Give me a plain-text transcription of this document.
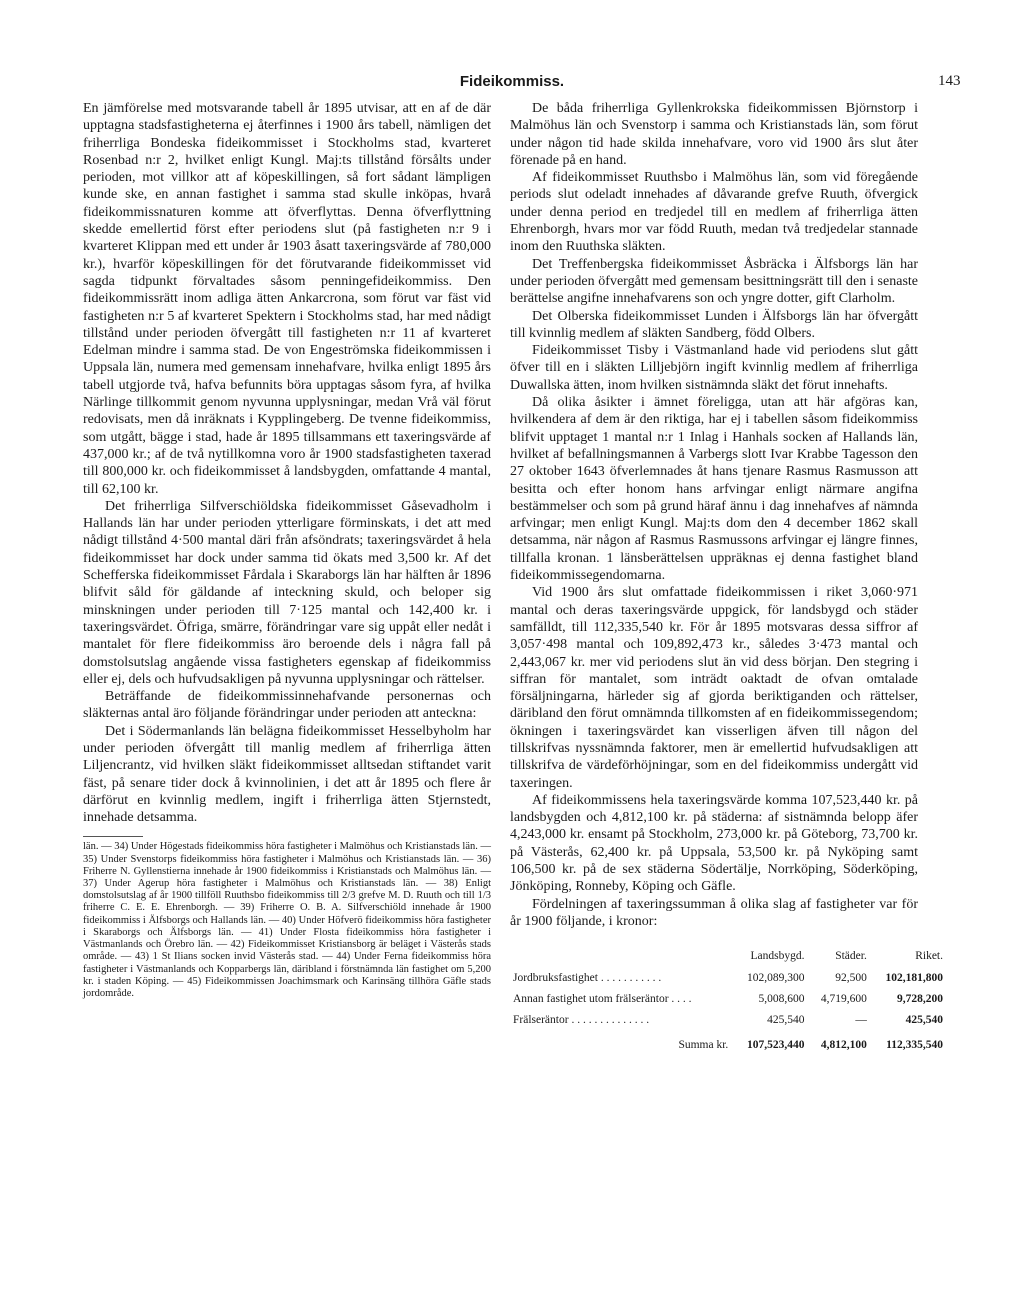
Fideikommiss.	143

En jämförelse med motsvarande tabell år 1895 utvisar, att en af de där upptagna stadsfastigheterna ej återfinnes i 1900 års tabell, nämligen det friherrliga Bondeska fideikommisset i Stockholms stad, kvarteret Rosenbad n:r 2, hvilket enligt Kungl. Maj:ts tillstånd försålts under perioden, mot villkor att af köpeskillingen, så fort sådant lämpligen kunde ske, en annan fastighet i samma stad skulle inköpas, hvarå fideikommissnaturen komme att öfverflyttas. Denna öfverflyttning skedde emellertid först efter periodens slut (på fastigheten n:r 9 i kvarteret Klippan med ett under år 1903 åsatt taxeringsvärde af 780,000 kr.), hvarför köpeskillingen för det förutvarande fideikommisset vid sagda tidpunkt förvaltades såsom penningefideikommiss. Den fideikommissrätt inom adliga ätten Ankarcrona, som förut var fäst vid fastigheten n:r 5 af kvarteret Spektern i Stockholms stad, har med nådigt tillstånd under perioden öfvergått till fastigheten n:r 11 af kvarteret Edelman mindre i samma stad. De von Engeströmska fideikommissen i Uppsala län, numera med gemensam innehafvare, hvilka enligt 1895 års tabell utgjorde två, hafva befunnits böra upptagas såsom fyra, af hvilka Närlinge tillkommit genom nyvunna upplysningar, medan Vrå väl förut redovisats, men då inräknats i Kypplingeberg. De tvenne fideikommiss, som utgått, bägge i stad, hade år 1895 tillsammans ett taxeringsvärde af 437,000 kr.; af de två nytillkomna voro år 1900 stadsfastigheten taxerad till 800,000 kr. och fideikommisset å landsbygden, omfattande 4 mantal, till 62,100 kr.

Det friherrliga Silfverschiöldska fideikommisset Gåsevadholm i Hallands län har under perioden ytterligare förminskats, i det att med nådigt tillstånd 4·500 mantal däri från afsöndrats; taxeringsvärdet å hela fideikommisset har dock under samma tid ökats med 3,500 kr. Af det Schefferska fideikommisset Fårdala i Skaraborgs län har hälften år 1896 blifvit såld för gäldande af inteckning skuld, och beloper sig minskningen under perioden till 7·125 mantal och 142,400 kr. i taxeringsvärdet. Öfriga, smärre, förändringar vare sig uppåt eller nedåt i mantalet för flere fideikommiss äro beroende dels i några fall på domstolsutslag angående vissa fastigheters egenskap af fideikommiss eller ej, dels och hufvudsakligen på nyvunna upplysningar och rättelser.

Beträffande de fideikommissinnehafvande personernas och släkternas antal äro följande förändringar under perioden att antecknа:

Det i Södermanlands län belägna fideikommisset Hesselbyholm har under perioden öfvergått till manlig medlem af friherrliga ätten Liljencrantz, vid hvilken släkt fideikommisset alltsedan stiftandet varit fäst, på senare tider dock å kvinnolinien, i det att år 1895 och flere år därförut en kvinnlig medlem, ingift i friherrliga ätten Stjernstedt, innehade detsamma.

län. — 34) Under Högestads fideikommiss höra fastigheter i Malmöhus och Kristianstads län. — 35) Under Svenstorps fideikommiss höra fastigheter i Malmöhus och Kristianstads län. — 36) Friherre N. Gyllenstierna innehade år 1900 fideikommiss i Kristianstads och Malmöhus län. — 37) Under Agerup höra fastigheter i Malmöhus och Kristianstads län. — 38) Enligt domstolsutslag af år 1900 tillföll Ruuthsbo fideikommiss till 2/3 grefve M. D. Ruuth och till 1/3 friherre C. E. E. Ehrenborgh. — 39) Friherre O. B. A. Silfverschiöld innehade år 1900 fideikommiss i Älfsborgs och Hallands län. — 40) Under Höfverö fideikommiss höra fastigheter i Skaraborgs och Älfsborgs län. — 41) Under Flosta fideikommiss höra fastigheter i Västmanlands och Örebro län. — 42) Fideikommisset Kristiansborg är beläget i Västerås stads område. — 43) 1 St Ilians socken invid Västerås stad. — 44) Under Fernа fideikommiss höra fastigheter i Västmanlands och Kopparbergs län, däribland i förstnämnda län fastighet om 5,200 kr. i staden Köping. — 45) Fideikommissen Joachimsmark och Karinsäng tillhöra Gäfle stads jordområde.

De båda friherrliga Gyllenkrokska fideikommissen Björnstorp i Malmöhus län och Svenstorp i samma och Kristianstads län, som förut under någon tid hade skilda innehafvare, voro vid 1900 års slut åter förenade på en hand.

Af fideikommisset Ruuthsbo i Malmöhus län, som vid föregående periods slut odeladt innehades af dåvarande grefve Ruuth, öfvergick under denna period en tredjedel till en medlem af friherrliga ätten Ehrenborgh, hvars mor var född Ruuth, medan två tredjedelar stannade inom den Ruuthska släkten.

Det Treffenbergska fideikommisset Åsbräcka i Älfsborgs län har under perioden öfvergått med gemensam besittningsrätt till den i senaste berättelse angifne innehafvarens son och yngre dotter, gift Clarholm.

Det Olberska fideikommisset Lunden i Älfsborgs län har öfvergått till kvinnlig medlem af släkten Sandberg, född Olbers.

Fideikommisset Tisby i Västmanland hade vid periodens slut gått öfver till en i släkten Lilljebjörn ingift kvinnlig medlem af friherrliga Duwallska ätten, inom hvilken sistnämnda släkt det förut innehafts.

Då olika åsikter i ämnet föreligga, utan att här afgöras kan, hvilkendera af dem är den riktiga, har ej i tabellen såsom fideikommiss blifvit upptaget 1 mantal n:r 1 Inlag i Hanhals socken af Hallands län, hvilket af befallningsmannen å Varbergs slott Ivar Krabbe Tagesson den 27 oktober 1643 öfverlemnades åt hans tjenare Rasmus Rasmusson att besitta och efter honom hans arfvingar enligt närmare angifna bestämmelser och som på grund häraf ännu i dag innehafves af nämnda arfvingar; men enligt Kungl. Maj:ts dom den 4 december 1862 skall detsamma, när någon af Rasmus Rasmussons arfvingar ej längre finnes, tillfalla kronan. 1 länsberättelsen uppräknas ej denna fastighet bland fideikommissegendomarna.

Vid 1900 års slut omfattade fideikommissen i riket 3,060·971 mantal och deras taxeringsvärde uppgick, för landsbygd och städer samfälldt, till 112,335,540 kr. För år 1895 motsvaras dessa siffror af 3,057·498 mantal och 109,892,473 kr., således 3·473 mantal och 2,443,067 kr. mer vid periodens slut än vid dess början. Den stegring i siffran för mantalet, som inträdt oaktadt de ofvan omtalade försäljningarna, härleder sig af gjorda beriktiganden och rättelser, däribland den förut omnämnda tillkomsten af en fideikommissegendom; ökningen i taxeringsvärdet kan visserligen äfven till någon del tillskrifvas nyssnämnda faktorer, men är emellertid hufvudsakligen att tillskrifva de värdeförhöjningar, som en del fideikommiss undergått vid taxeringen.

Af fideikommissens hela taxeringsvärde komma 107,523,440 kr. på landsbygden och 4,812,100 kr. på städerna: af sistnämnda belopp äfer 4,243,000 kr. ensamt på Stockholm, 273,000 kr. på Göteborg, 73,700 kr. på Västerås, 62,400 kr. på Uppsala, 53,500 kr. på Nyköping samt 106,500 kr. på de sex städerna Södertälje, Norrköping, Söderköping, Jönköping, Ronneby, Köping och Gäfle.

Fördelningen af taxeringssumman å olika slag af fastigheter var för år 1900 följande, i kronor:

	Landsbygd.	Städer.	Riket.
Jordbruksfastighet . . . . . . . . . . .	102,089,300	92,500	102,181,800
Annan fastighet utom frälseräntor . . . .	5,008,600	4,719,600	9,728,200
Frälseräntor . . . . . . . . . . . . . .	425,540	—	425,540
Summa kr.	107,523,440	4,812,100	112,335,540
